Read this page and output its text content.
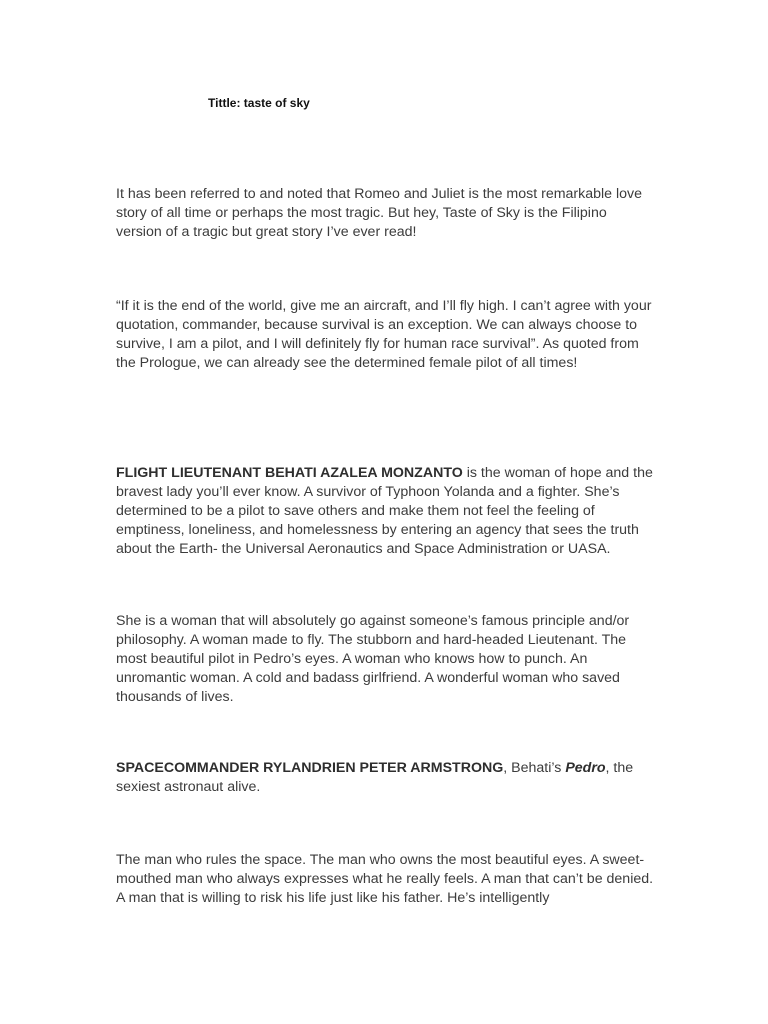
Tittle: taste of sky

It has been referred to and noted that Romeo and Juliet is the most remarkable love story of all time or perhaps the most tragic. But hey, Taste of Sky is the Filipino version of a tragic but great story I’ve ever read!

“If it is the end of the world, give me an aircraft, and I’ll fly high. I can’t agree with your quotation, commander, because survival is an exception. We can always choose to survive, I am a pilot, and I will definitely fly for human race survival”. As quoted from the Prologue, we can already see the determined female pilot of all times!

FLIGHT LIEUTENANT BEHATI AZALEA MONZANTO is the woman of hope and the bravest lady you’ll ever know. A survivor of Typhoon Yolanda and a fighter. She’s determined to be a pilot to save others and make them not feel the feeling of emptiness, loneliness, and homelessness by entering an agency that sees the truth about the Earth- the Universal Aeronautics and Space Administration or UASA.

She is a woman that will absolutely go against someone’s famous principle and/or philosophy. A woman made to fly. The stubborn and hard-headed Lieutenant. The most beautiful pilot in Pedro’s eyes. A woman who knows how to punch. An unromantic woman. A cold and badass girlfriend. A wonderful woman who saved thousands of lives.

SPACECOMMANDER RYLANDRIEN PETER ARMSTRONG, Behati’s Pedro, the sexiest astronaut alive.

The man who rules the space. The man who owns the most beautiful eyes. A sweet-mouthed man who always expresses what he really feels. A man that can’t be denied. A man that is willing to risk his life just like his father. He’s intelligently
